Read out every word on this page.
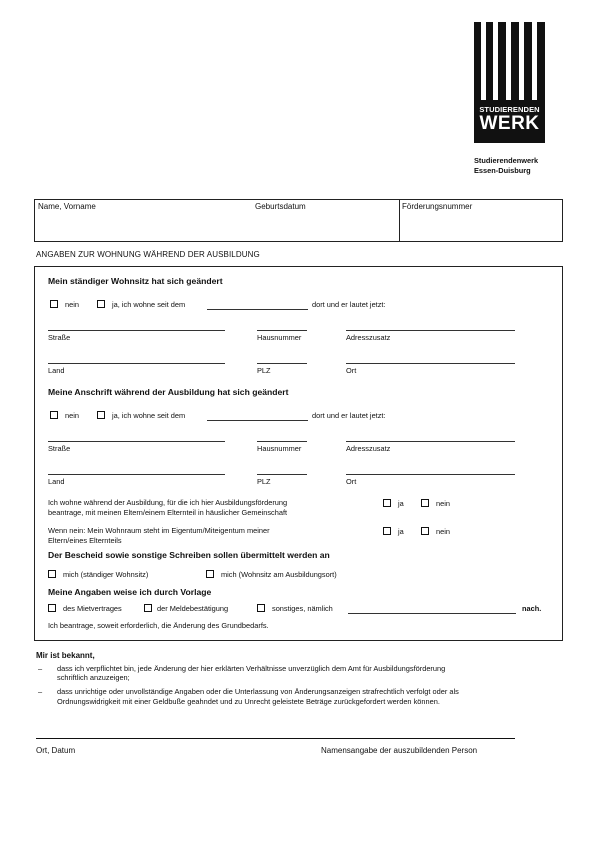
STUDIERENDEN
WERK
Studierendenwerk
Essen-Duisburg
Name, Vorname	Geburtsdatum	Förderungsnummer
ANGABEN ZUR WOHNUNG WÄHREND DER AUSBILDUNG
Mein ständiger Wohnsitz hat sich geändert
nein	ja, ich wohne seit dem	dort und er lautet jetzt:
Straße	Hausnummer	Adresszusatz
Land	PLZ	Ort
Meine Anschrift während der Ausbildung hat sich geändert
nein	ja, ich wohne seit dem	dort und er lautet jetzt:
Straße	Hausnummer	Adresszusatz
Land	PLZ	Ort
Ich wohne während der Ausbildung, für die ich hier Ausbildungsförderung
beantrage, mit meinen Eltern/einem Elternteil in häuslicher Gemeinschaft
ja	nein
Wenn nein: Mein Wohnraum steht im Eigentum/Miteigentum meiner
Eltern/eines Elternteils
ja	nein
Der Bescheid sowie sonstige Schreiben sollen übermittelt werden an
mich (ständiger Wohnsitz)	mich (Wohnsitz am Ausbildungsort)
Meine Angaben weise ich durch Vorlage
des Mietvertrages	der Meldebestätigung	sonstiges, nämlich	nach.
Ich beantrage, soweit erforderlich, die Änderung des Grundbedarfs.
Mir ist bekannt,
– dass ich verpflichtet bin, jede Änderung der hier erklärten Verhältnisse unverzüglich dem Amt für Ausbildungsförderung
schriftlich anzuzeigen;
– dass unrichtige oder unvollständige Angaben oder die Unterlassung von Änderungsanzeigen strafrechtlich verfolgt oder als
Ordnungswidrigkeit mit einer Geldbuße geahndet und zu Unrecht geleistete Beträge zurückgefordert werden können.
Ort, Datum	Namensangabe der auszubildenden Person
